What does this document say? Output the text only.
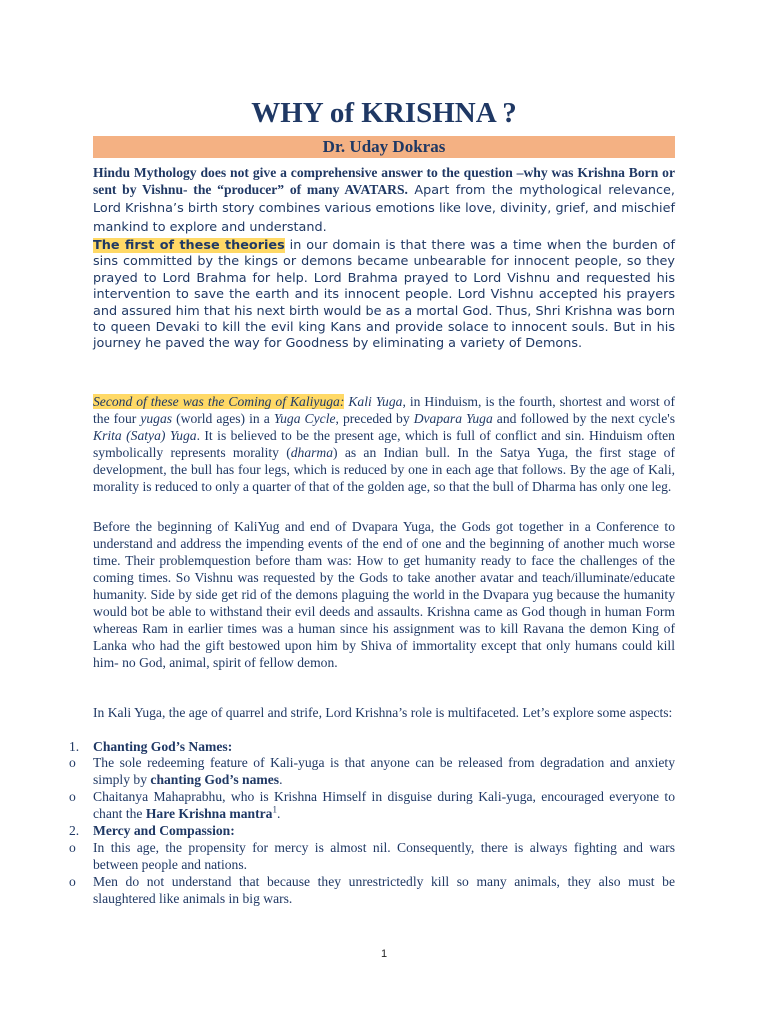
WHY of KRISHNA ?
Dr. Uday Dokras

Hindu Mythology does not give a comprehensive answer to the question –why was Krishna Born or sent by Vishnu- the “producer” of many AVATARS. Apart from the mythological relevance, Lord Krishna’s birth story combines various emotions like love, divinity, grief, and mischief mankind to explore and understand.

The first of these theories in our domain is that there was a time when the burden of sins committed by the kings or demons became unbearable for innocent people, so they prayed to Lord Brahma for help. Lord Brahma prayed to Lord Vishnu and requested his intervention to save the earth and its innocent people. Lord Vishnu accepted his prayers and assured him that his next birth would be as a mortal God. Thus, Shri Krishna was born to queen Devaki to kill the evil king Kans and provide solace to innocent souls. But in his journey he paved the way for Goodness by eliminating a variety of Demons.

Second of these was the Coming of Kaliyuga: Kali Yuga, in Hinduism, is the fourth, shortest and worst of the four yugas (world ages) in a Yuga Cycle, preceded by Dvapara Yuga and followed by the next cycle's Krita (Satya) Yuga. It is believed to be the present age, which is full of conflict and sin. Hinduism often symbolically represents morality (dharma) as an Indian bull. In the Satya Yuga, the first stage of development, the bull has four legs, which is reduced by one in each age that follows. By the age of Kali, morality is reduced to only a quarter of that of the golden age, so that the bull of Dharma has only one leg.

Before the beginning of KaliYug and end of Dvapara Yuga, the Gods got together in a Conference to understand and address the impending events of the end of one and the beginning of another much worse time. Their problemquestion before tham was: How to get humanity ready to face the challenges of the coming times. So Vishnu was requested by the Gods to take another avatar and teach/illuminate/educate humanity. Side by side get rid of the demons plaguing the world in the Dvapara yug because the humanity would bot be able to withstand their evil deeds and assaults. Krishna came as God though in human Form whereas Ram in earlier times was a human since his assignment was to kill Ravana the demon King of Lanka who had the gift bestowed upon him by Shiva of immortality except that only humans could kill him- no God, animal, spirit of fellow demon.

In Kali Yuga, the age of quarrel and strife, Lord Krishna’s role is multifaceted. Let’s explore some aspects:

1.	Chanting God’s Names:
o	The sole redeeming feature of Kali-yuga is that anyone can be released from degradation and anxiety simply by chanting God’s names.
o	Chaitanya Mahaprabhu, who is Krishna Himself in disguise during Kali-yuga, encouraged everyone to chant the Hare Krishna mantra$^1$.
2.	Mercy and Compassion:
o	In this age, the propensity for mercy is almost nil. Consequently, there is always fighting and wars between people and nations.
o	Men do not understand that because they unrestrictedly kill so many animals, they also must be slaughtered like animals in big wars.
1
